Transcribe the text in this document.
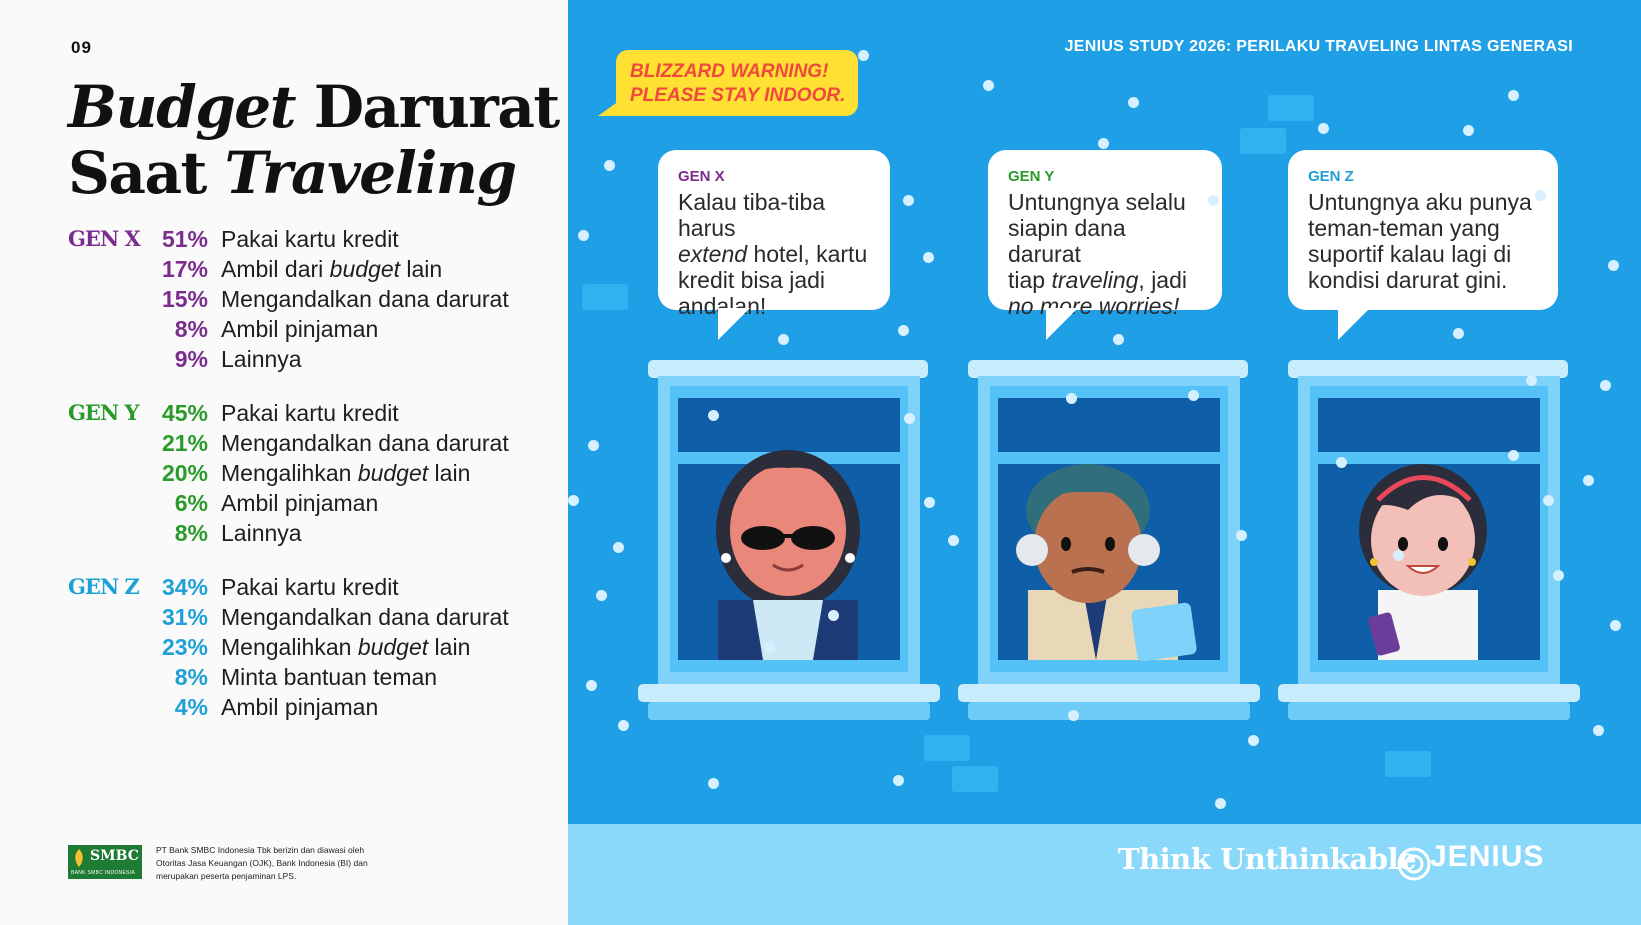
09
Budget Darurat
Saat Traveling
GEN X 51% Pakai kartu kredit
17% Ambil dari budget lain
15% Mengandalkan dana darurat
8% Ambil pinjaman
9% Lainnya
GEN Y 45% Pakai kartu kredit
21% Mengandalkan dana darurat
20% Mengalihkan budget lain
6% Ambil pinjaman
8% Lainnya
GEN Z 34% Pakai kartu kredit
31% Mengandalkan dana darurat
23% Mengalihkan budget lain
8% Minta bantuan teman
4% Ambil pinjaman
SMBC
BANK SMBC INDONESIA
PT Bank SMBC Indonesia Tbk berizin dan diawasi oleh Otoritas Jasa Keuangan (OJK), Bank Indonesia (BI) dan merupakan peserta penjaminan LPS.
JENIUS STUDY 2026: PERILAKU TRAVELING LINTAS GENERASI
BLIZZARD WARNING!
PLEASE STAY INDOOR.
GEN X
Kalau tiba-tiba harus
extend hotel, kartu
kredit bisa jadi
andalan!
GEN Y
Untungnya selalu
siapin dana darurat
tiap traveling, jadi
no more worries!
GEN Z
Untungnya aku punya
teman-teman yang
suportif kalau lagi di
kondisi darurat gini.
Think Unthinkable JENIUS
